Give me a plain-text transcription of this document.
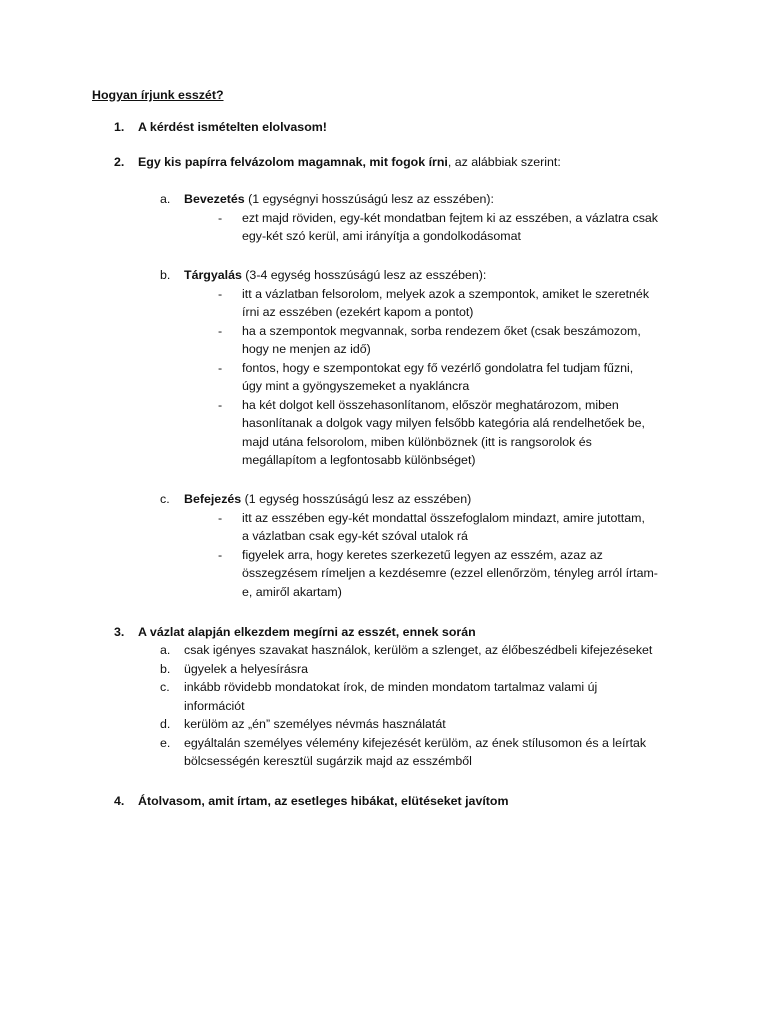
Hogyan írjunk esszét?
1. A kérdést ismételten elolvasom!
2. Egy kis papírra felvázolom magamnak, mit fogok írni, az alábbiak szerint:
a. Bevezetés (1 egységnyi hosszúságú lesz az esszében):
- ezt majd röviden, egy-két mondatban fejtem ki az esszében, a vázlatra csak
egy-két szó kerül, ami irányítja a gondolkodásomat
b. Tárgyalás (3-4 egység hosszúságú lesz az esszében):
- itt a vázlatban felsorolom, melyek azok a szempontok, amiket le szeretnék
írni az esszében (ezekért kapom a pontot)
- ha a szempontok megvannak, sorba rendezem őket (csak beszámozom,
hogy ne menjen az idő)
- fontos, hogy e szempontokat egy fő vezérlő gondolatra fel tudjam fűzni,
úgy mint a gyöngyszemeket a nyakláncra
- ha két dolgot kell összehasonlítanom, először meghatározom, miben
hasonlítanak a dolgok vagy milyen felsőbb kategória alá rendelhetőek be,
majd utána felsorolom, miben különböznek (itt is rangsorolok és
megállapítom a legfontosabb különbséget)
c. Befejezés (1 egység hosszúságú lesz az esszében)
- itt az esszében egy-két mondattal összefoglalom mindazt, amire jutottam,
a vázlatban csak egy-két szóval utalok rá
- figyelek arra, hogy keretes szerkezetű legyen az esszém, azaz az
összegzésem rímeljen a kezdésemre (ezzel ellenőrzöm, tényleg arról írtam-
e, amiről akartam)
3. A vázlat alapján elkezdem megírni az esszét, ennek során
a. csak igényes szavakat használok, kerülöm a szlenget, az élőbeszédbeli kifejezéseket
b. ügyelek a helyesírásra
c. inkább rövidebb mondatokat írok, de minden mondatom tartalmaz valami új
információt
d. kerülöm az „én” személyes névmás használatát
e. egyáltalán személyes vélemény kifejezését kerülöm, az ének stílusomon és a leírtak
bölcsességén keresztül sugárzik majd az esszémből
4. Átolvasom, amit írtam, az esetleges hibákat, elütéseket javítom
